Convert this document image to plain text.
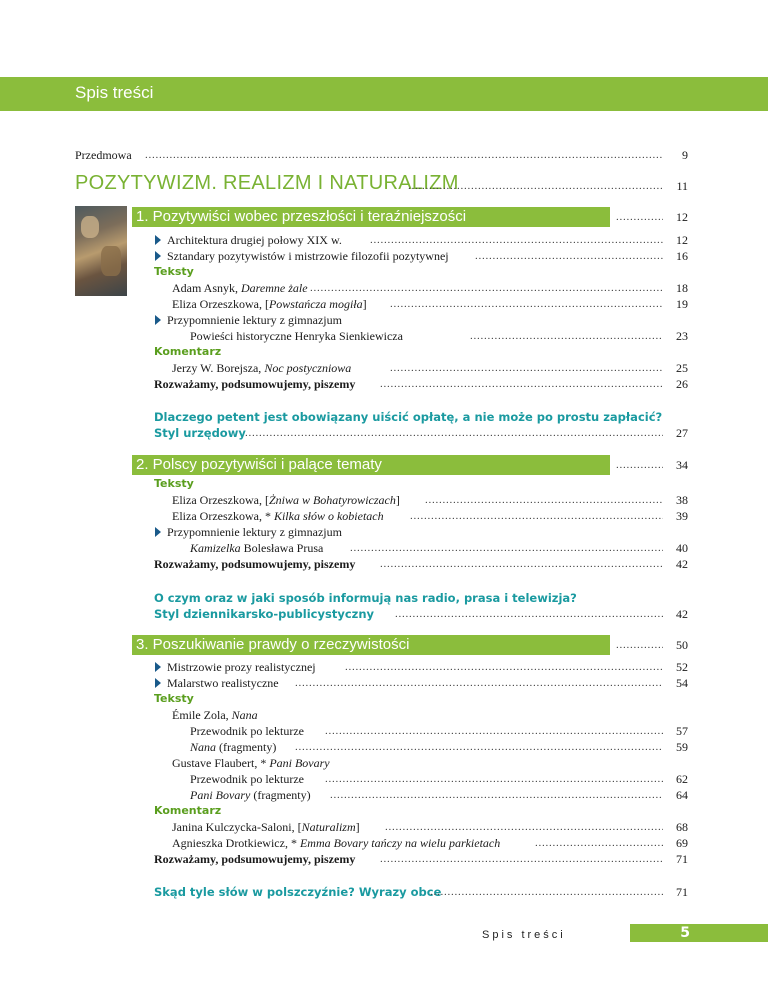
Spis treści
Przedmowa . . .	9
POZYTYWIZM. REALIZM I NATURALIZM . . .	11
1. Pozytywiści wobec przeszłości i teraźniejszości . . .	12
Architektura drugiej połowy XIX w. . . .	12
Sztandary pozytywistów i mistrzowie filozofii pozytywnej . . .	16
Teksty
Adam Asnyk, Daremne żale . . .	18
Eliza Orzeszkowa, [Powstańcza mogiła] . . .	19
Przypomnienie lektury z gimnazjum
Powieści historyczne Henryka Sienkiewicza . . .	23
Komentarz
Jerzy W. Borejsza, Noc postyczniowa . . .	25
Rozważamy, podsumowujemy, piszemy . . .	26
Dlaczego petent jest obowiązany uiścić opłatę, a nie może po prostu zapłacić?
Styl urzędowy . . .	27
2. Polscy pozytywiści i palące tematy . . .	34
Teksty
Eliza Orzeszkowa, [Żniwa w Bohatyrowiczach] . . .	38
Eliza Orzeszkowa, * Kilka słów o kobietach . . .	39
Przypomnienie lektury z gimnazjum
Kamizelka Bolesława Prusa . . .	40
Rozważamy, podsumowujemy, piszemy . . .	42
O czym oraz w jaki sposób informują nas radio, prasa i telewizja?
Styl dziennikarsko-publicystyczny . . .	42
3. Poszukiwanie prawdy o rzeczywistości . . .	50
Mistrzowie prozy realistycznej . . .	52
Malarstwo realistyczne . . .	54
Teksty
Émile Zola, Nana
Przewodnik po lekturze . . .	57
Nana (fragmenty) . . .	59
Gustave Flaubert, * Pani Bovary
Przewodnik po lekturze . . .	62
Pani Bovary (fragmenty) . . .	64
Komentarz
Janina Kulczycka-Saloni, [Naturalizm] . . .	68
Agnieszka Drotkiewicz, * Emma Bovary tańczy na wielu parkietach . . .	69
Rozważamy, podsumowujemy, piszemy . . .	71
Skąd tyle słów w polszczyźnie? Wyrazy obce . . .	71
Spis treści	5
